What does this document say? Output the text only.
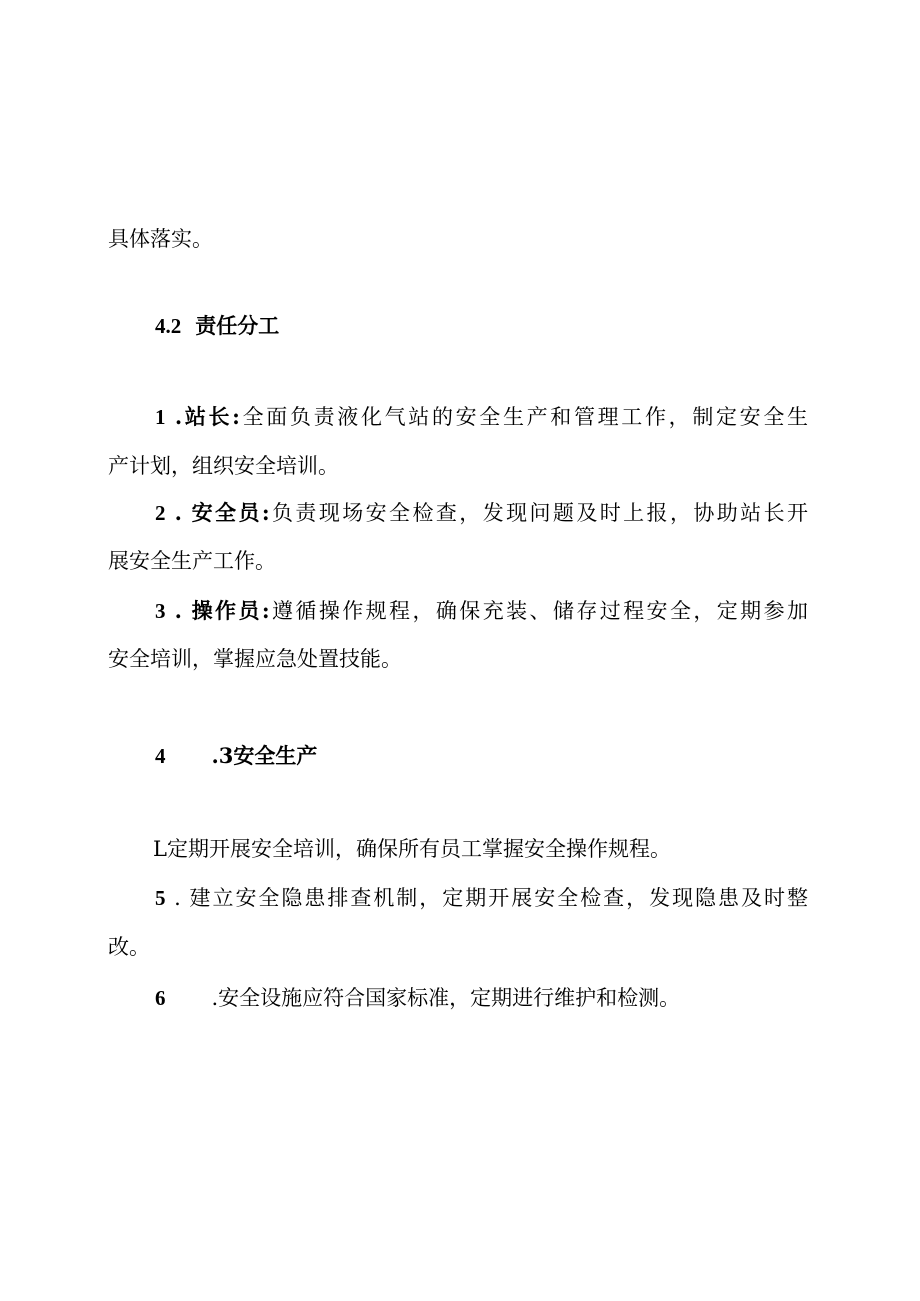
具体落实。
4.2 责任分工
1 .站长:全面负责液化气站的安全生产和管理工作，制定安全生
产计划，组织安全培训。
2 . 安全员:负责现场安全检查，发现问题及时上报，协助站长开
展安全生产工作。
3 . 操作员:遵循操作规程，确保充装、储存过程安全，定期参加
安全培训，掌握应急处置技能。
4 .3安全生产
L定期开展安全培训，确保所有员工掌握安全操作规程。
5 . 建立安全隐患排查机制，定期开展安全检查，发现隐患及时整
改。
6 .安全设施应符合国家标准，定期进行维护和检测。
